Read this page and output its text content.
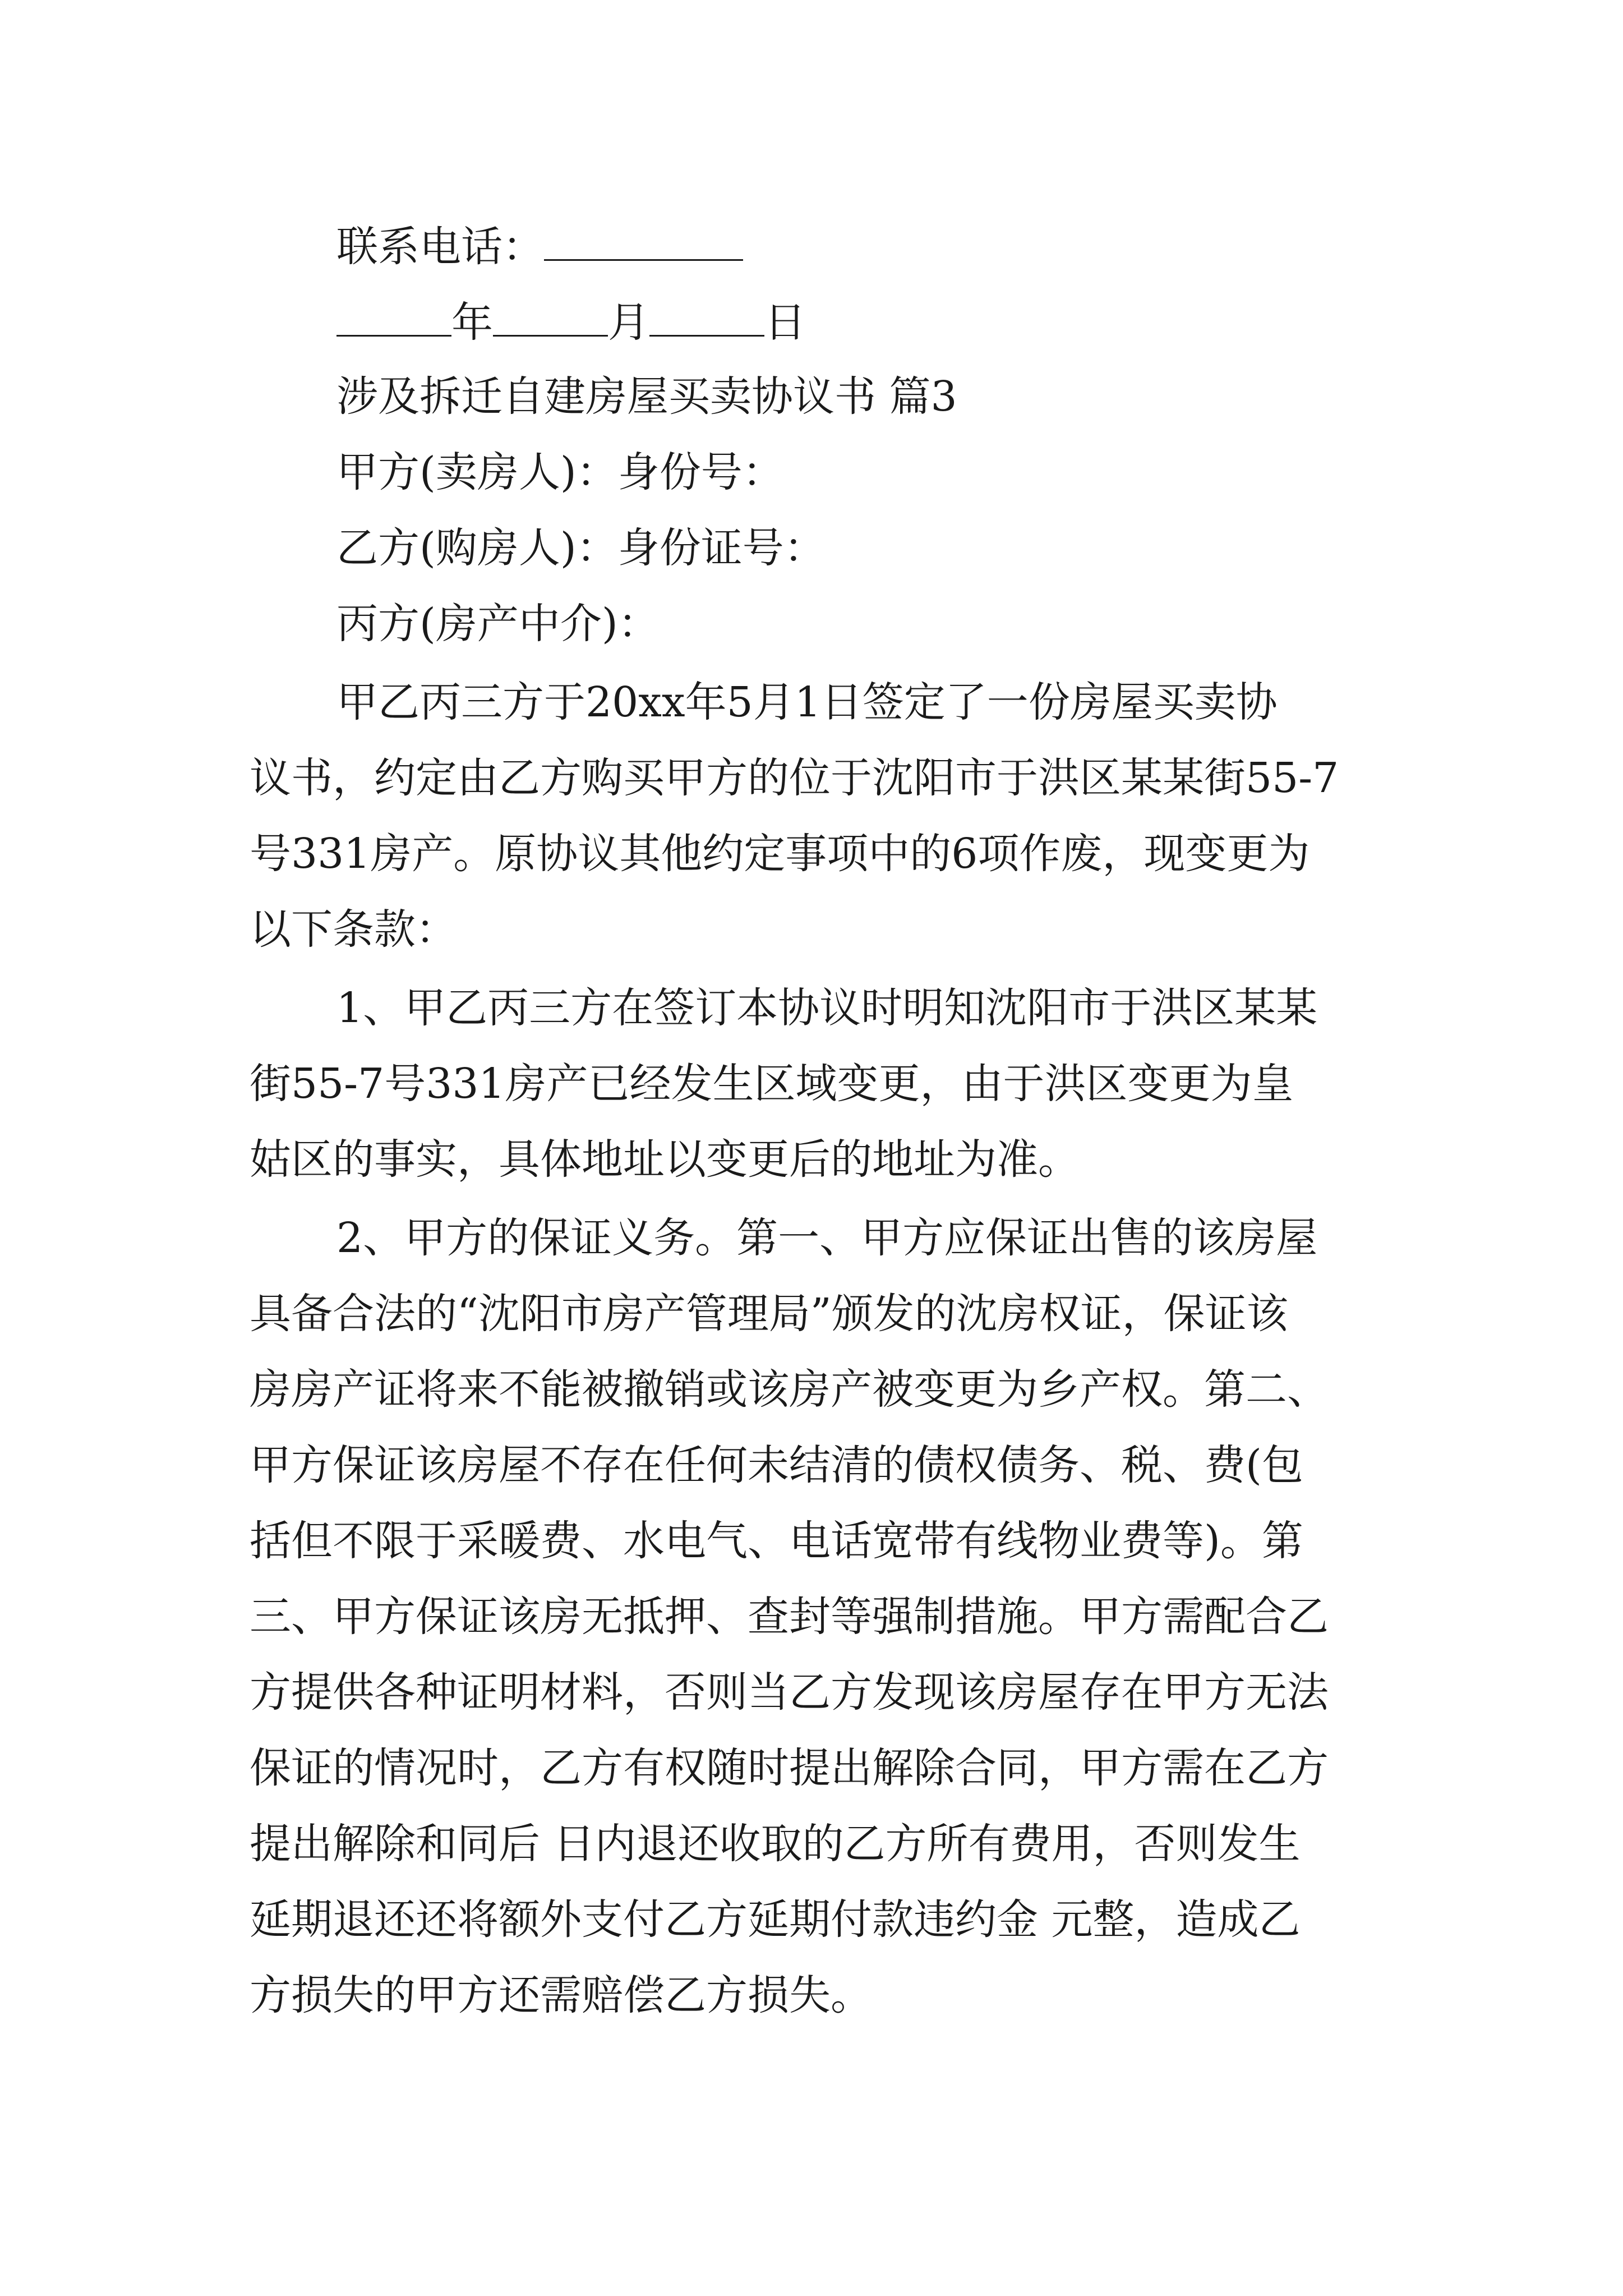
联系电话：
年	月	日
涉及拆迁自建房屋买卖协议书 篇3
甲方(卖房人)：身份号：
乙方(购房人)：身份证号：
丙方(房产中介)：
甲乙丙三方于20xx年5月1日签定了一份房屋买卖协
议书，约定由乙方购买甲方的位于沈阳市于洪区某某街55-7
号331房产。原协议其他约定事项中的6项作废，现变更为
以下条款：
1、甲乙丙三方在签订本协议时明知沈阳市于洪区某某
街55-7号331房产已经发生区域变更，由于洪区变更为皇
姑区的事实，具体地址以变更后的地址为准。
2、甲方的保证义务。第一、甲方应保证出售的该房屋
具备合法的“沈阳市房产管理局”颁发的沈房权证，保证该
房房产证将来不能被撤销或该房产被变更为乡产权。第二、
甲方保证该房屋不存在任何未结清的债权债务、税、费(包
括但不限于采暖费、水电气、电话宽带有线物业费等)。第
三、甲方保证该房无抵押、查封等强制措施。甲方需配合乙
方提供各种证明材料，否则当乙方发现该房屋存在甲方无法
保证的情况时，乙方有权随时提出解除合同，甲方需在乙方
提出解除和同后 日内退还收取的乙方所有费用，否则发生
延期退还还将额外支付乙方延期付款违约金 元整，造成乙
方损失的甲方还需赔偿乙方损失。
